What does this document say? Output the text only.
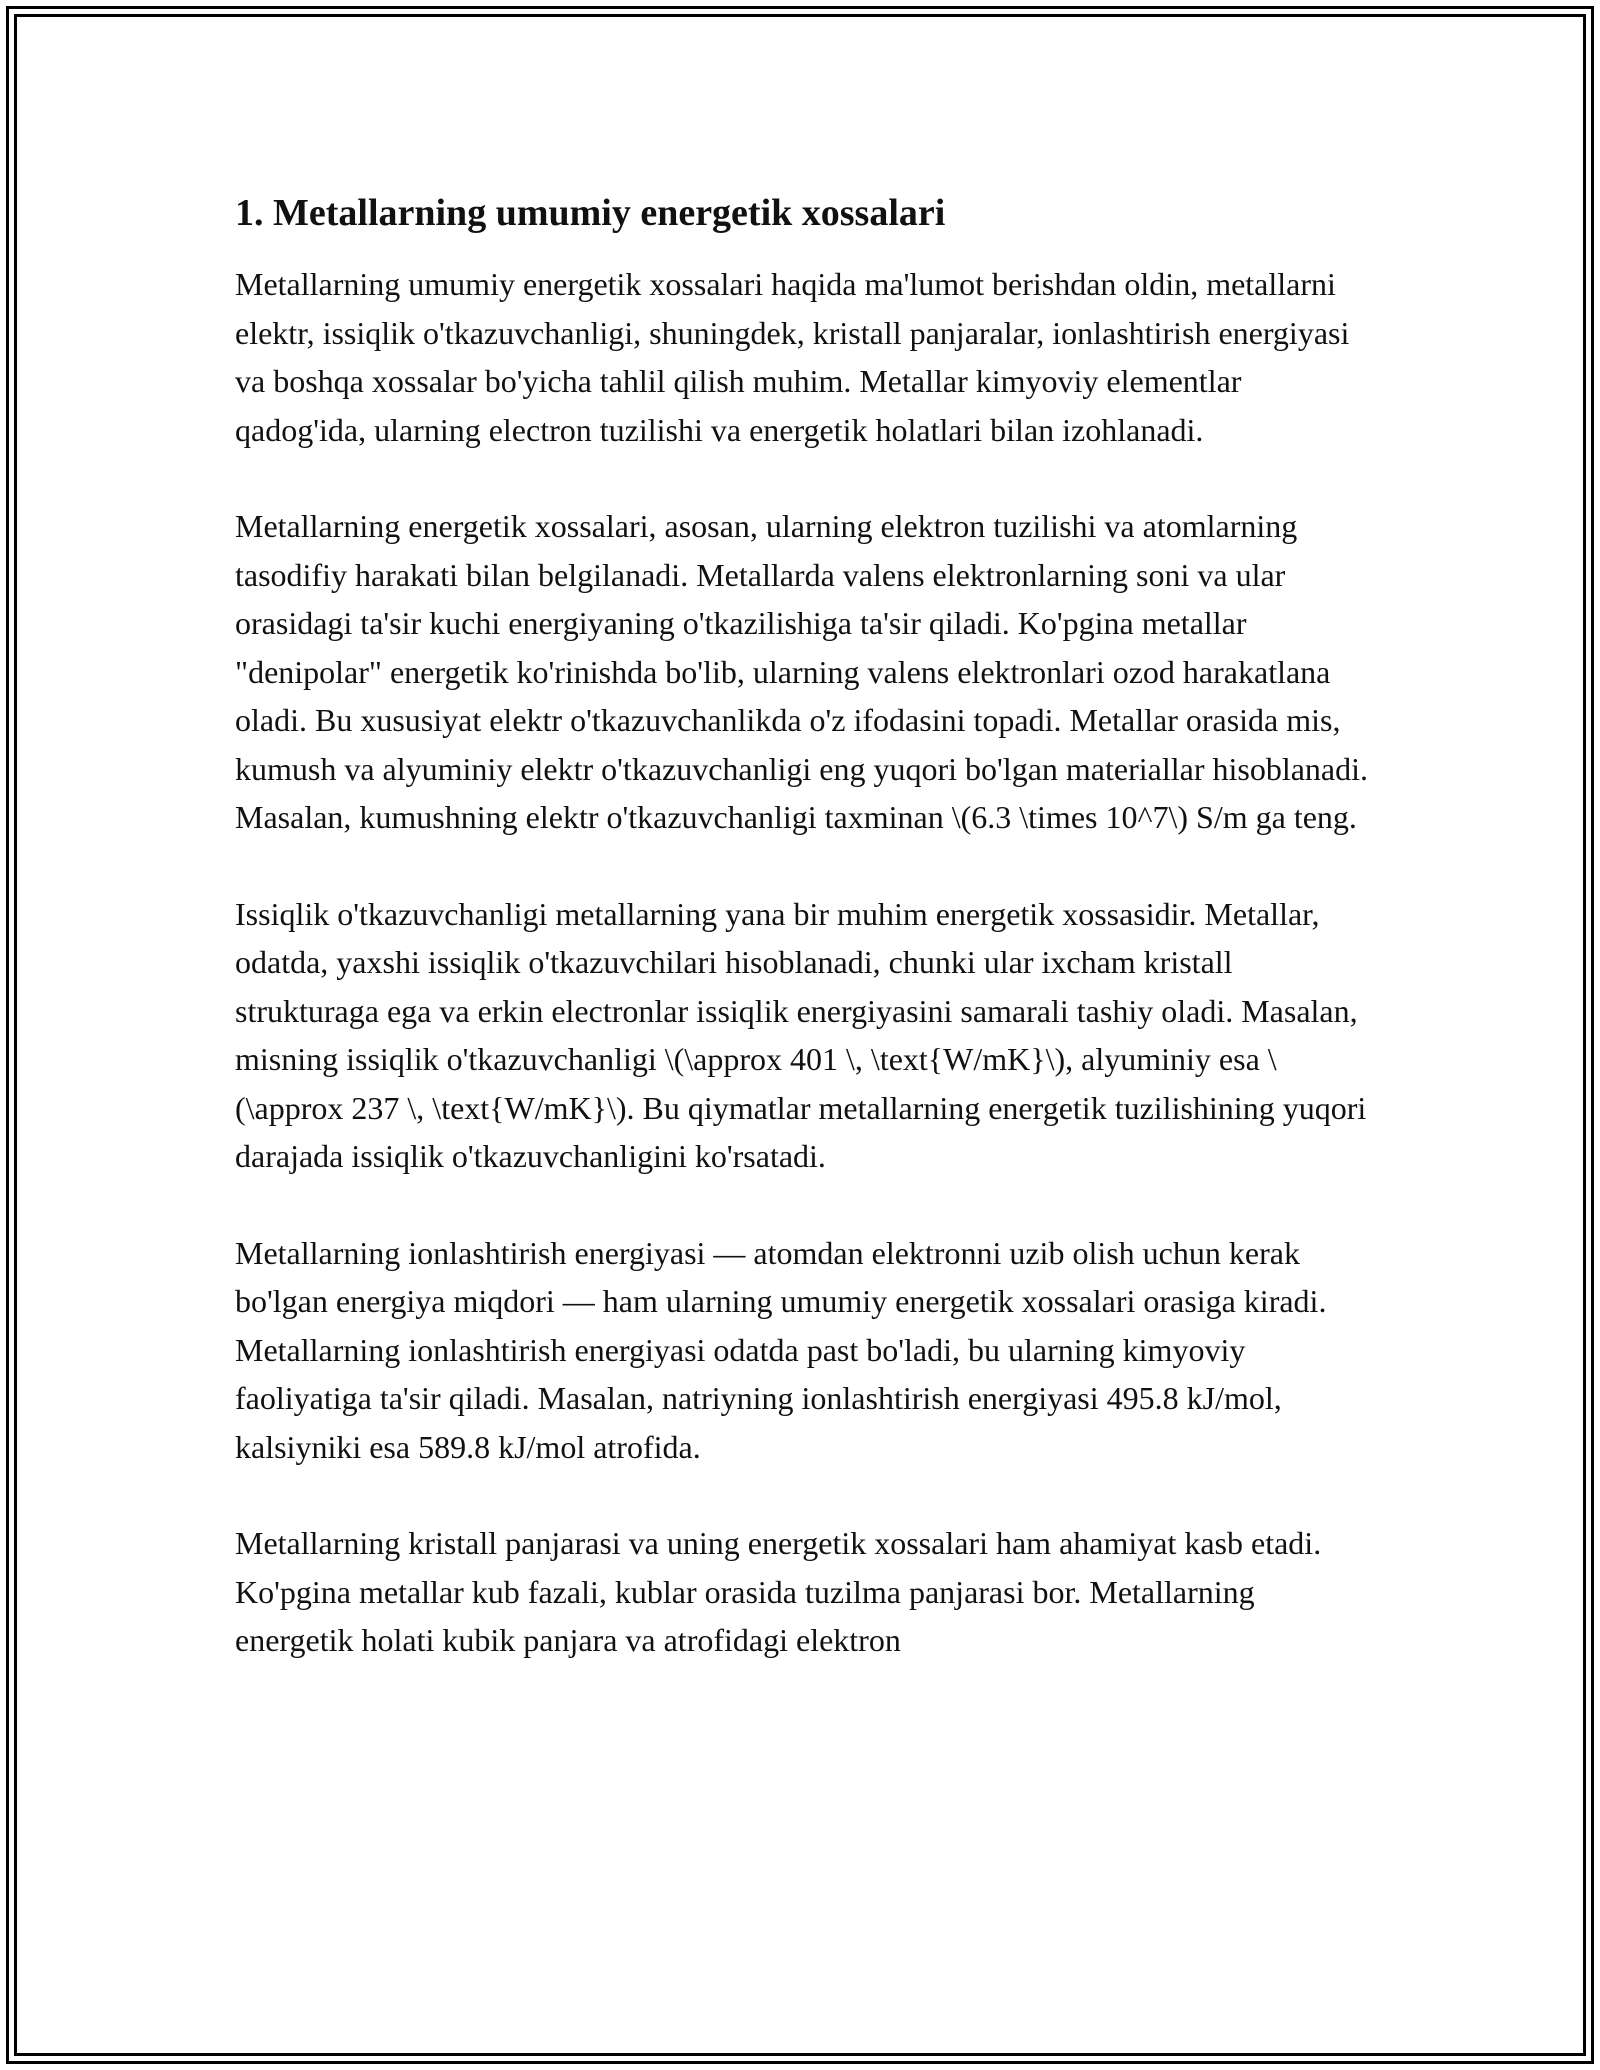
1. Metallarning umumiy energetik xossalari

Metallarning umumiy energetik xossalari haqida ma'lumot berishdan oldin, metallarni elektr, issiqlik o'tkazuvchanligi, shuningdek, kristall panjaralar, ionlashtirish energiyasi va boshqa xossalar bo'yicha tahlil qilish muhim. Metallar kimyoviy elementlar qadog'ida, ularning electron tuzilishi va energetik holatlari bilan izohlanadi.

Metallarning energetik xossalari, asosan, ularning elektron tuzilishi va atomlarning tasodifiy harakati bilan belgilanadi. Metallarda valens elektronlarning soni va ular orasidagi ta'sir kuchi energiyaning o'tkazilishiga ta'sir qiladi. Ko'pgina metallar "denipolar" energetik ko'rinishda bo'lib, ularning valens elektronlari ozod harakatlana oladi. Bu xususiyat elektr o'tkazuvchanlikda o'z ifodasini topadi. Metallar orasida mis, kumush va alyuminiy elektr o'tkazuvchanligi eng yuqori bo'lgan materiallar hisoblanadi. Masalan, kumushning elektr o'tkazuvchanligi taxminan \(6.3 \times 10^7\) S/m ga teng.

Issiqlik o'tkazuvchanligi metallarning yana bir muhim energetik xossasidir. Metallar, odatda, yaxshi issiqlik o'tkazuvchilari hisoblanadi, chunki ular ixcham kristall strukturaga ega va erkin electronlar issiqlik energiyasini samarali tashiy oladi. Masalan, misning issiqlik o'tkazuvchanligi \(\approx 401 \, \text{W/mK}\), alyuminiy esa \(\approx 237 \, \text{W/mK}\). Bu qiymatlar metallarning energetik tuzilishining yuqori darajada issiqlik o'tkazuvchanligini ko'rsatadi.

Metallarning ionlashtirish energiyasi — atomdan elektronni uzib olish uchun kerak bo'lgan energiya miqdori — ham ularning umumiy energetik xossalari orasiga kiradi. Metallarning ionlashtirish energiyasi odatda past bo'ladi, bu ularning kimyoviy faoliyatiga ta'sir qiladi. Masalan, natriyning ionlashtirish energiyasi 495.8 kJ/mol, kalsiyniki esa 589.8 kJ/mol atrofida.

Metallarning kristall panjarasi va uning energetik xossalari ham ahamiyat kasb etadi. Ko'pgina metallar kub fazali, kublar orasida tuzilma panjarasi bor. Metallarning energetik holati kubik panjara va atrofidagi elektron
